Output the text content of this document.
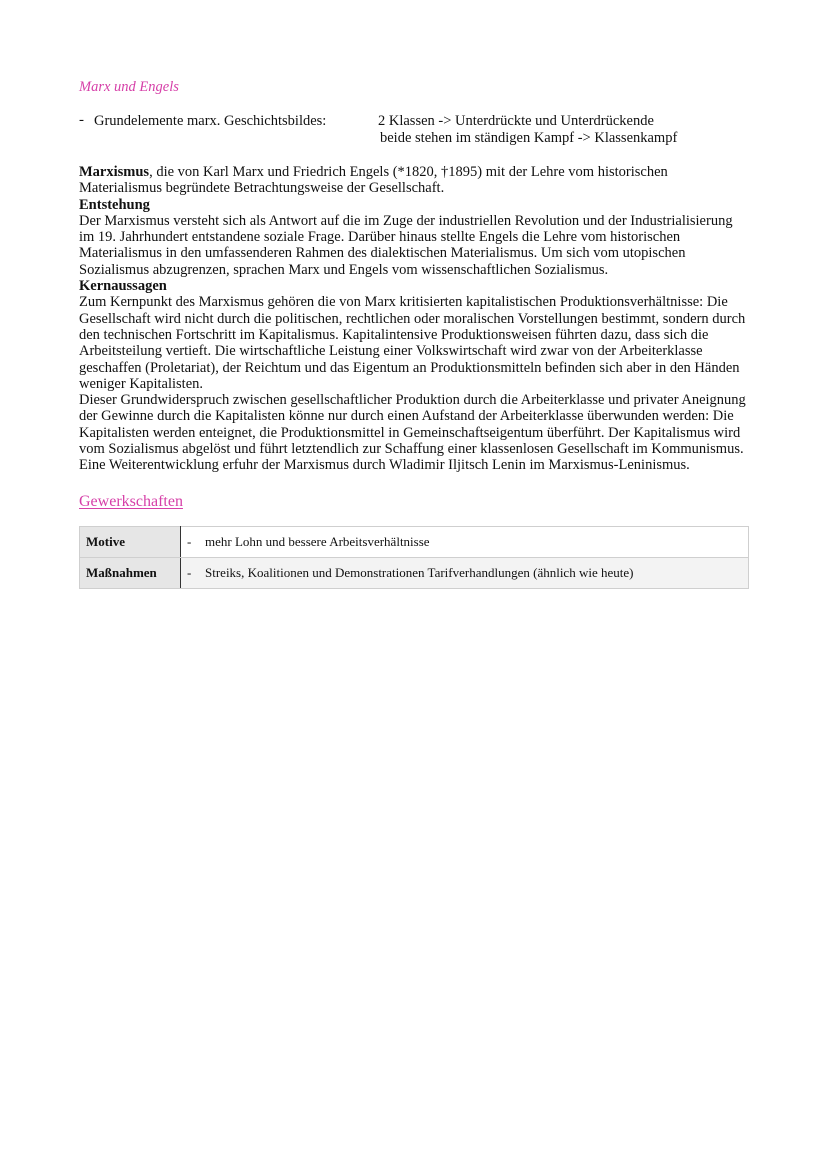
Marx und Engels

- Grundelemente marx. Geschichtsbildes:	2 Klassen -> Unterdrückte und Unterdrückende
beide stehen im ständigen Kampf -> Klassenkampf

Marxismus, die von Karl Marx und Friedrich Engels (*1820, †1895) mit der Lehre vom historischen Materialismus begründete Betrachtungsweise der Gesellschaft.

Entstehung

Der Marxismus versteht sich als Antwort auf die im Zuge der industriellen Revolution und der Industrialisierung im 19. Jahrhundert entstandene soziale Frage. Darüber hinaus stellte Engels die Lehre vom historischen Materialismus in den umfassenderen Rahmen des dialektischen Materialismus. Um sich vom utopischen Sozialismus abzugrenzen, sprachen Marx und Engels vom wissenschaftlichen Sozialismus.

Kernaussagen

Zum Kernpunkt des Marxismus gehören die von Marx kritisierten kapitalistischen Produktionsverhältnisse: Die Gesellschaft wird nicht durch die politischen, rechtlichen oder moralischen Vorstellungen bestimmt, sondern durch den technischen Fortschritt im Kapitalismus. Kapitalintensive Produktionsweisen führten dazu, dass sich die Arbeitsteilung vertieft. Die wirtschaftliche Leistung einer Volkswirtschaft wird zwar von der Arbeiterklasse geschaffen (Proletariat), der Reichtum und das Eigentum an Produktionsmitteln befinden sich aber in den Händen weniger Kapitalisten.

Dieser Grundwiderspruch zwischen gesellschaftlicher Produktion durch die Arbeiterklasse und privater Aneignung der Gewinne durch die Kapitalisten könne nur durch einen Aufstand der Arbeiterklasse überwunden werden: Die Kapitalisten werden enteignet, die Produktionsmittel in Gemeinschaftseigentum überführt. Der Kapitalismus wird vom Sozialismus abgelöst und führt letztendlich zur Schaffung einer klassenlosen Gesellschaft im Kommunismus. Eine Weiterentwicklung erfuhr der Marxismus durch Wladimir Iljitsch Lenin im Marxismus-Leninismus.

Gewerkschaften
Motive	- mehr Lohn und bessere Arbeitsverhältnisse
Maßnahmen	- Streiks, Koalitionen und Demonstrationen Tarifverhandlungen (ähnlich wie heute)
